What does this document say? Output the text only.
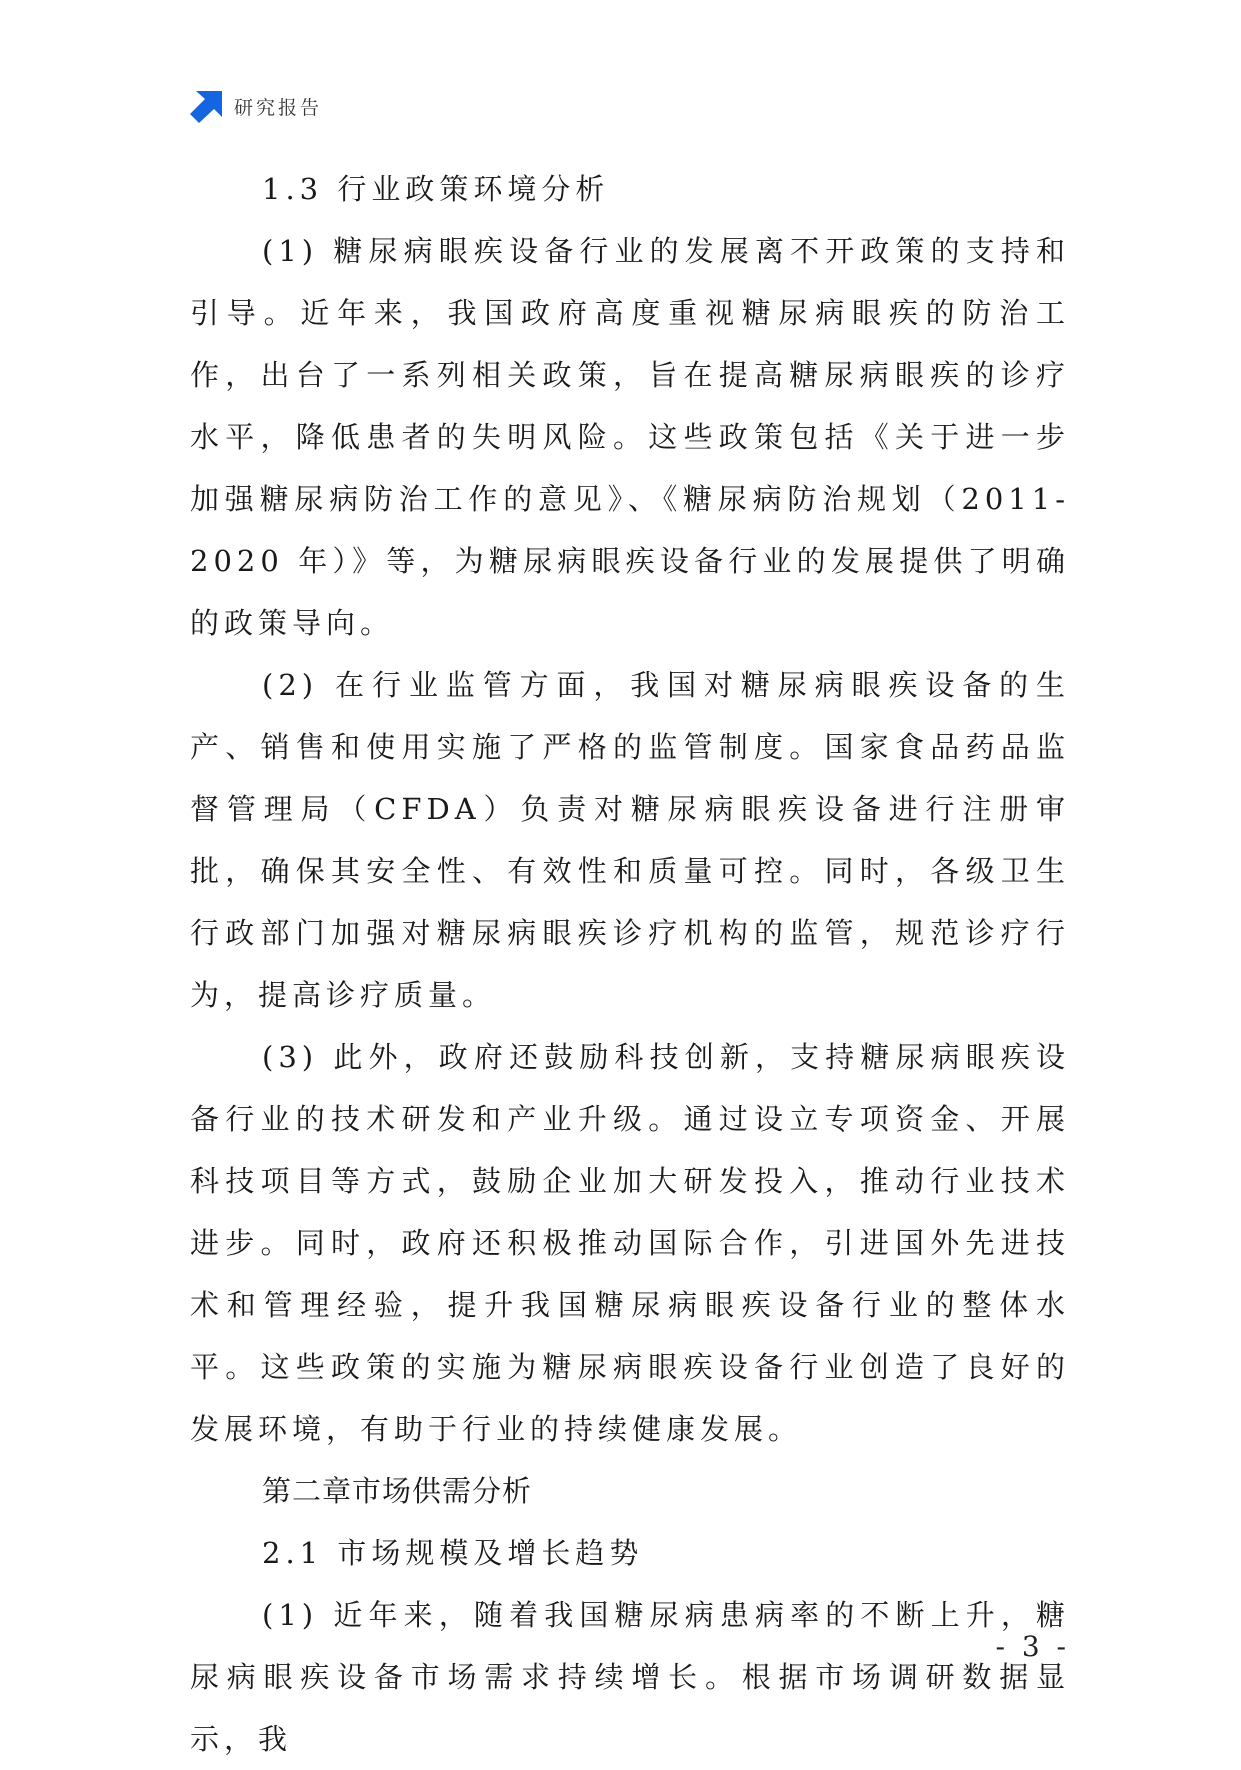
研究报告

1.3 行业政策环境分析

(1) 糖尿病眼疾设备行业的发展离不开政策的支持和引导。近年来，我国政府高度重视糖尿病眼疾的防治工作，出台了一系列相关政策，旨在提高糖尿病眼疾的诊疗水平，降低患者的失明风险。这些政策包括《关于进一步加强糖尿病防治工作的意见》、《糖尿病防治规划（2011-2020 年）》等，为糖尿病眼疾设备行业的发展提供了明确的政策导向。

(2) 在行业监管方面，我国对糖尿病眼疾设备的生产、销售和使用实施了严格的监管制度。国家食品药品监督管理局（CFDA）负责对糖尿病眼疾设备进行注册审批，确保其安全性、有效性和质量可控。同时，各级卫生行政部门加强对糖尿病眼疾诊疗机构的监管，规范诊疗行为，提高诊疗质量。

(3) 此外，政府还鼓励科技创新，支持糖尿病眼疾设备行业的技术研发和产业升级。通过设立专项资金、开展科技项目等方式，鼓励企业加大研发投入，推动行业技术进步。同时，政府还积极推动国际合作，引进国外先进技术和管理经验，提升我国糖尿病眼疾设备行业的整体水平。这些政策的实施为糖尿病眼疾设备行业创造了良好的发展环境，有助于行业的持续健康发展。

第二章市场供需分析

2.1 市场规模及增长趋势

(1) 近年来，随着我国糖尿病患病率的不断上升，糖尿病眼疾设备市场需求持续增长。根据市场调研数据显示，我

- 3 -
